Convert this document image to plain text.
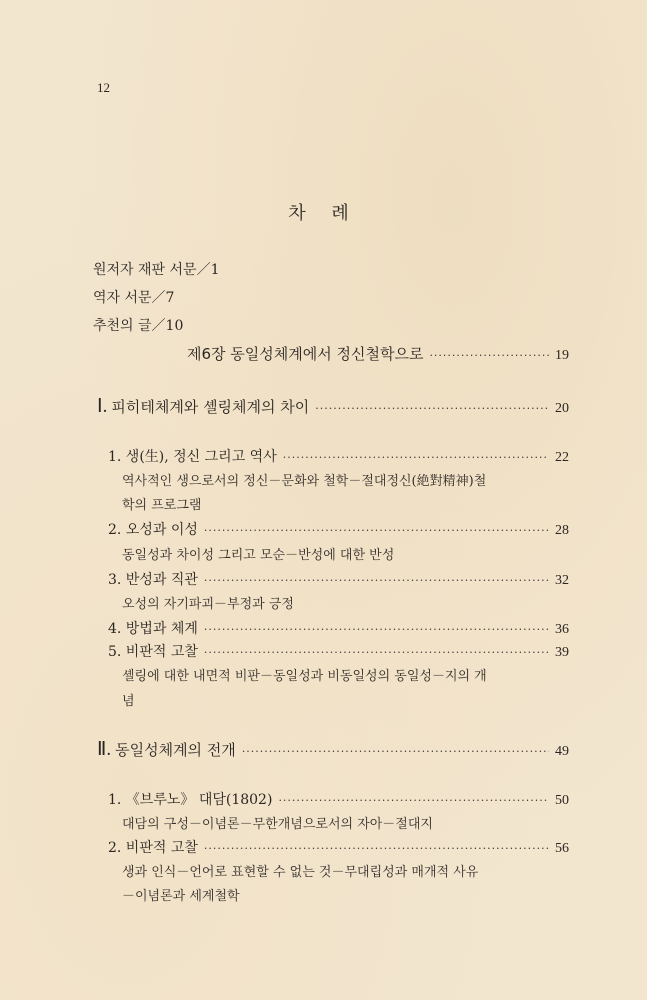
12
차 례
원저자 재판 서문／1
역자 서문／7
추천의 글／10
제6장 동일성체계에서 정신철학으로 ·····	19
Ⅰ. 피히테체계와 셸링체계의 차이 ·····	20
1. 생(生), 정신 그리고 역사 ·····	22
역사적인 생으로서의 정신－문화와 철학－절대정신(絶對精神)철
학의 프로그램
2. 오성과 이성 ·····	28
동일성과 차이성 그리고 모순－반성에 대한 반성
3. 반성과 직관 ·····	32
오성의 자기파괴－부정과 긍정
4. 방법과 체계 ·····	36
5. 비판적 고찰 ·····	39
셸링에 대한 내면적 비판－동일성과 비동일성의 동일성－지의 개
념
Ⅱ. 동일성체계의 전개 ·····	49
1. 《브루노》 대담(1802) ·····	50
대담의 구성－이념론－무한개념으로서의 자아－절대지
2. 비판적 고찰 ·····	56
생과 인식－언어로 표현할 수 없는 것－무대립성과 매개적 사유
－이념론과 세계철학
